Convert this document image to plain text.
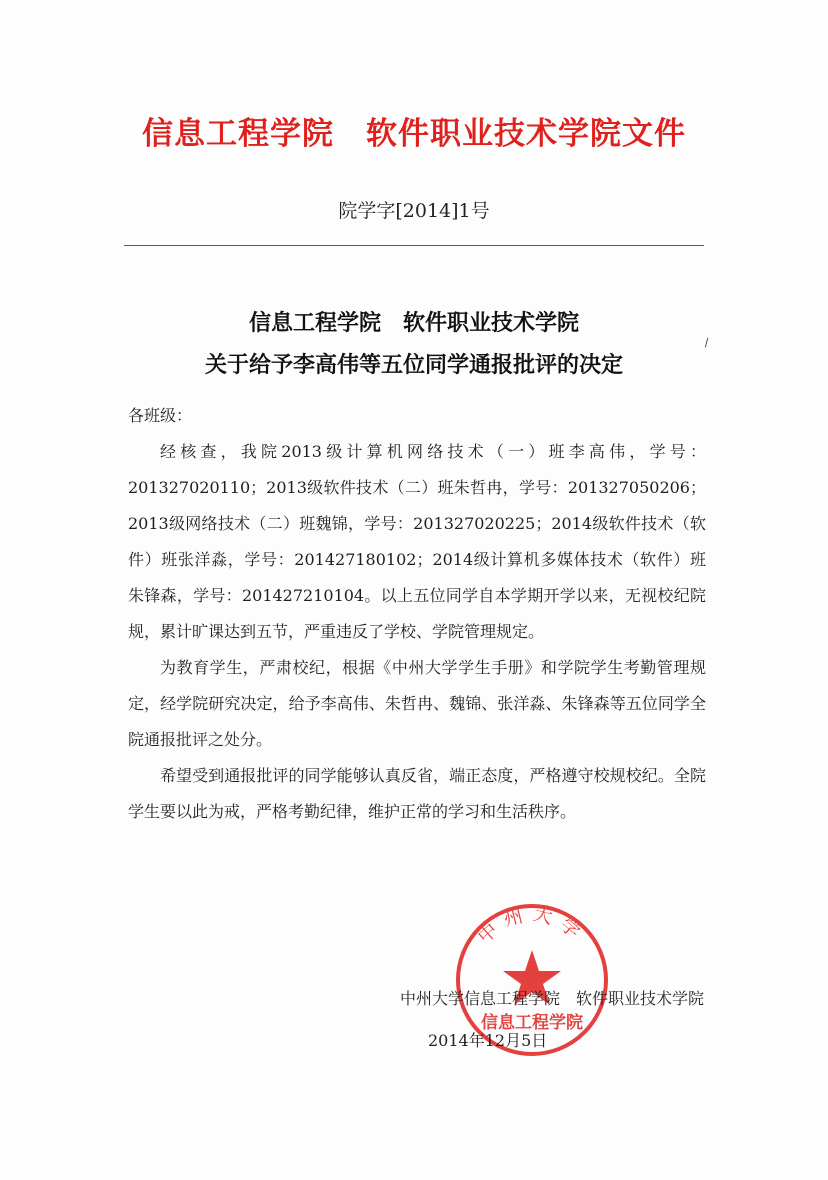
信息工程学院　软件职业技术学院文件
院学字[2014]1号
信息工程学院　软件职业技术学院
关于给予李高伟等五位同学通报批评的决定

各班级：

经核查，我院2013级计算机网络技术（一）班李高伟，学号：201327020110；2013级软件技术（二）班朱哲冉，学号：201327050206；2013级网络技术（二）班魏锦，学号：201327020225；2014级软件技术（软件）班张洋淼，学号：201427180102；2014级计算机多媒体技术（软件）班朱锋森，学号：201427210104。以上五位同学自本学期开学以来，无视校纪院规，累计旷课达到五节，严重违反了学校、学院管理规定。

为教育学生，严肃校纪，根据《中州大学学生手册》和学院学生考勤管理规定，经学院研究决定，给予李高伟、朱哲冉、魏锦、张洋淼、朱锋森等五位同学全院通报批评之处分。

希望受到通报批评的同学能够认真反省，端正态度，严格遵守校规校纪。全院学生要以此为戒，严格考勤纪律，维护正常的学习和生活秩序。

中州大学
信息工程学院
中州大学信息工程学院　软件职业技术学院
2014年12月5日
